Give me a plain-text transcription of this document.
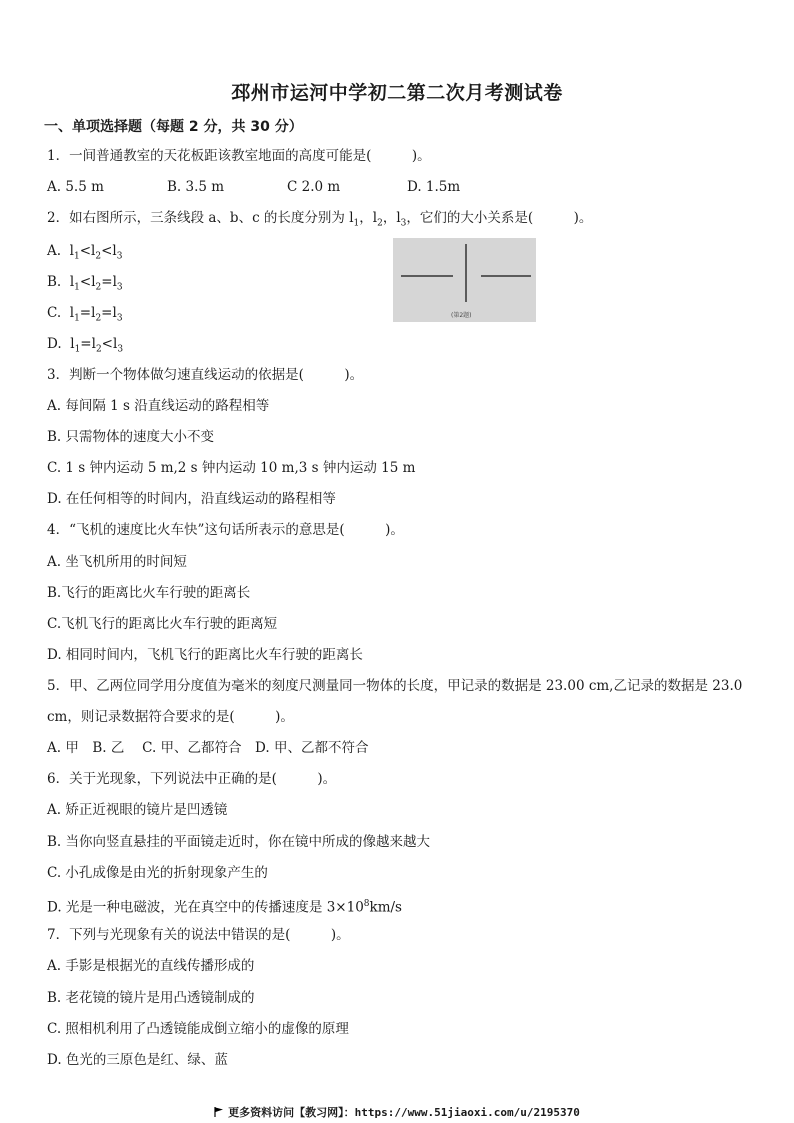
邳州市运河中学初二第二次月考测试卷
一、单项选择题（每题 2 分，共 30 分）
1．一间普通教室的天花板距该教室地面的高度可能是(　　　)。
A. 5.5 m	B. 3.5 m	C 2.0 m	D. 1.5m
2．如右图所示，三条线段 a、b、c 的长度分别为 $l_1$，$l_2$，$l_3$，它们的大小关系是(　　　)。
A. $l_1<l_2<l_3$
B. $l_1<l_2=l_3$
C. $l_1=l_2=l_3$
D. $l_1=l_2<l_3$
(第2题)
3．判断一个物体做匀速直线运动的依据是(　　　)。
A. 每间隔 1 s 沿直线运动的路程相等
B. 只需物体的速度大小不变
C. 1 s 钟内运动 5 m,2 s 钟内运动 10 m,3 s 钟内运动 15 m
D. 在任何相等的时间内，沿直线运动的路程相等
4．“飞机的速度比火车快”这句话所表示的意思是(　　　)。
A. 坐飞机所用的时间短
B.飞行的距离比火车行驶的距离长
C.飞机飞行的距离比火车行驶的距离短
D. 相同时间内，飞机飞行的距离比火车行驶的距离长
5．甲、乙两位同学用分度值为毫米的刻度尺测量同一物体的长度，甲记录的数据是 23.00 cm,乙记录的数据是 23.0 cm，则记录数据符合要求的是(　　　)。
A. 甲　B. 乙　 C. 甲、乙都符合　D. 甲、乙都不符合
6．关于光现象，下列说法中正确的是(　　　)。
A. 矫正近视眼的镜片是凹透镜
B. 当你向竖直悬挂的平面镜走近时，你在镜中所成的像越来越大
C. 小孔成像是由光的折射现象产生的
D. 光是一种电磁波，光在真空中的传播速度是 $3\times 10^8km/s$
7．下列与光现象有关的说法中错误的是(　　　)。
A. 手影是根据光的直线传播形成的
B. 老花镜的镜片是用凸透镜制成的
C. 照相机利用了凸透镜能成倒立缩小的虚像的原理
D. 色光的三原色是红、绿、蓝
更多资料访问【教习网】：https://www.51jiaoxi.com/u/2195370
